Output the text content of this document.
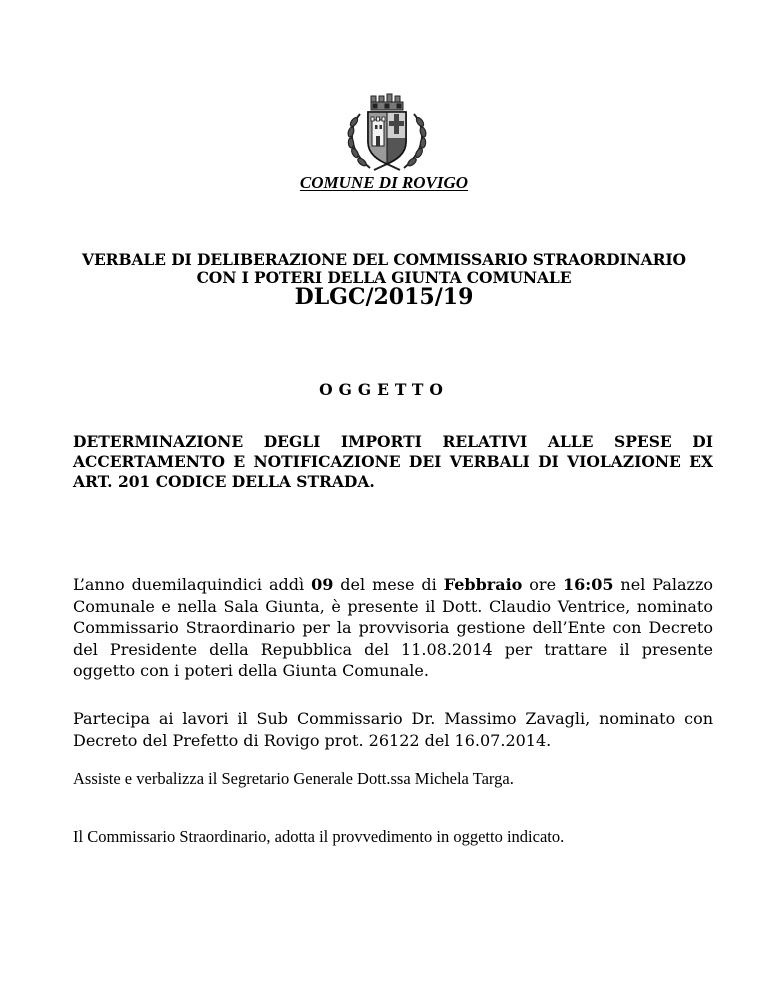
COMUNE DI ROVIGO
VERBALE DI DELIBERAZIONE DEL COMMISSARIO STRAORDINARIO
CON I POTERI DELLA GIUNTA COMUNALE
DLGC/2015/19
OGGETTO
DETERMINAZIONE DEGLI IMPORTI RELATIVI ALLE SPESE DI ACCERTAMENTO E NOTIFICAZIONE DEI VERBALI DI VIOLAZIONE EX ART. 201 CODICE DELLA STRADA.
L’anno duemilaquindici addì 09 del mese di Febbraio ore 16:05 nel Palazzo Comunale e nella Sala Giunta, è presente il Dott. Claudio Ventrice, nominato Commissario Straordinario per la provvisoria gestione dell’Ente con Decreto del Presidente della Repubblica del 11.08.2014 per trattare il presente oggetto con i poteri della Giunta Comunale.
Partecipa ai lavori il Sub Commissario Dr. Massimo Zavagli, nominato con Decreto del Prefetto di Rovigo prot. 26122 del 16.07.2014.
Assiste e verbalizza il Segretario Generale Dott.ssa Michela Targa.
Il Commissario Straordinario, adotta il provvedimento in oggetto indicato.
